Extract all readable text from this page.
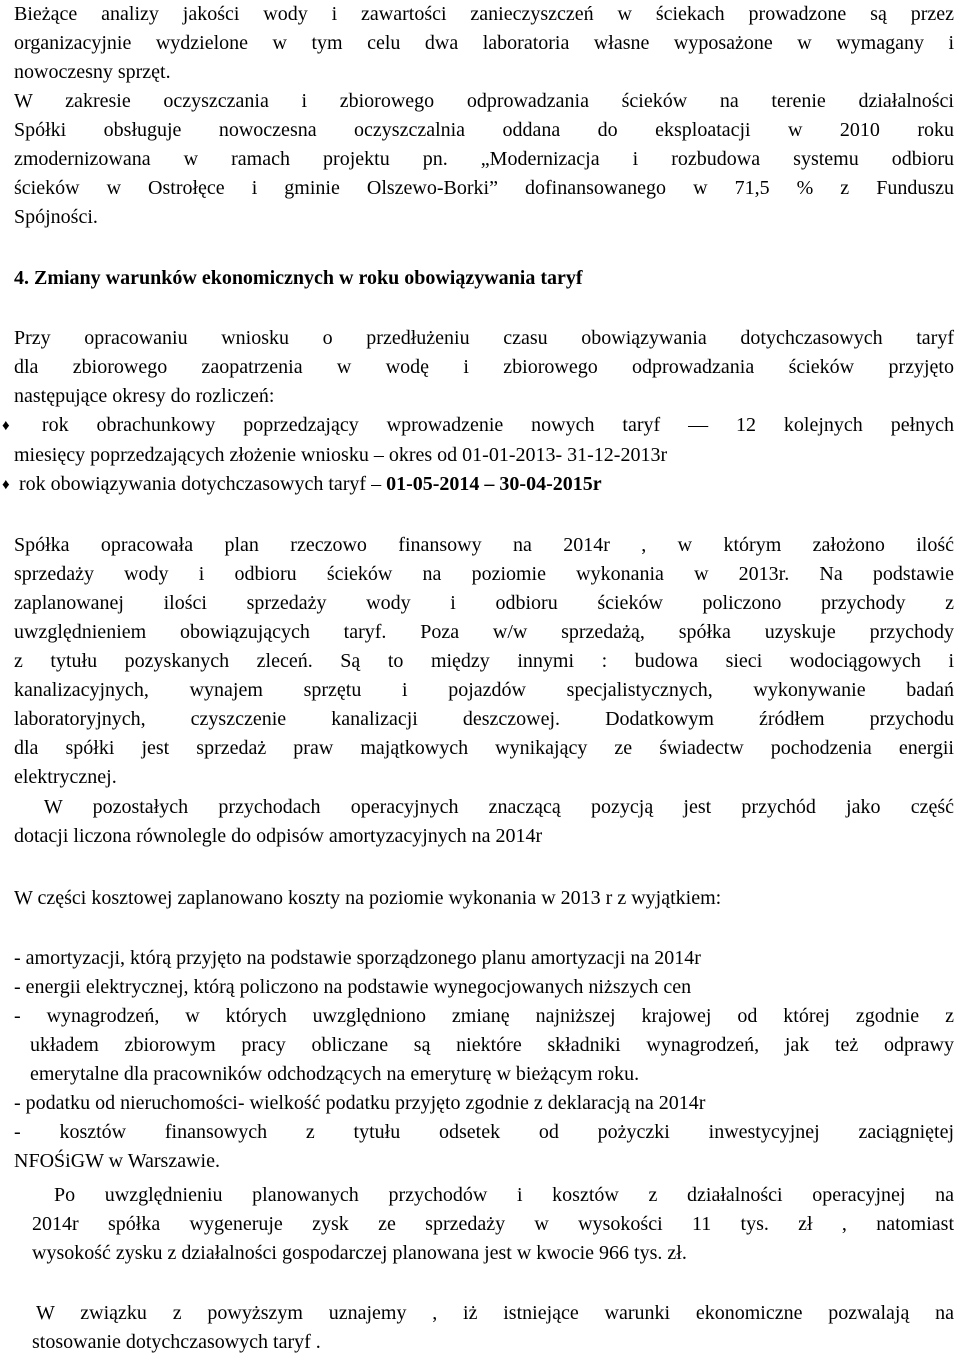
Bieżące analizy jakości wody i zawartości zanieczyszczeń w ściekach prowadzone są przez
organizacyjnie wydzielone w tym celu dwa laboratoria własne wyposażone w wymagany i
nowoczesny sprzęt.
W zakresie oczyszczania i zbiorowego odprowadzania ścieków na terenie działalności
Spółki obsługuje nowoczesna oczyszczalnia oddana do eksploatacji w 2010 roku
zmodernizowana w ramach projektu pn. „Modernizacja i rozbudowa systemu odbioru
ścieków w Ostrołęce i gminie Olszewo-Borki” dofinansowanego w 71,5 % z Funduszu
Spójności.
4. Zmiany warunków ekonomicznych w roku obowiązywania taryf
Przy opracowaniu wniosku o przedłużeniu czasu obowiązywania dotychczasowych taryf
dla zbiorowego zaopatrzenia w wodę i zbiorowego odprowadzania ścieków przyjęto
następujące okresy do rozliczeń:
♦ rok obrachunkowy poprzedzający wprowadzenie nowych taryf — 12 kolejnych pełnych
miesięcy poprzedzających złożenie wniosku – okres od 01-01-2013- 31-12-2013r
♦ rok obowiązywania dotychczasowych taryf – 01-05-2014 – 30-04-2015r
Spółka opracowała plan rzeczowo finansowy na 2014r , w którym założono ilość
sprzedaży wody i odbioru ścieków na poziomie wykonania w 2013r. Na podstawie
zaplanowanej ilości sprzedaży wody i odbioru ścieków policzono przychody z
uwzględnieniem obowiązujących taryf. Poza w/w sprzedażą, spółka uzyskuje przychody
z tytułu pozyskanych zleceń. Są to między innymi : budowa sieci wodociągowych i
kanalizacyjnych, wynajem sprzętu i pojazdów specjalistycznych, wykonywanie badań
laboratoryjnych, czyszczenie kanalizacji deszczowej. Dodatkowym źródłem przychodu
dla spółki jest sprzedaż praw majątkowych wynikający ze świadectw pochodzenia energii
elektrycznej.
W pozostałych przychodach operacyjnych znaczącą pozycją jest przychód jako część
dotacji liczona równolegle do odpisów amortyzacyjnych na 2014r
W części kosztowej zaplanowano koszty na poziomie wykonania w 2013 r z wyjątkiem:
- amortyzacji, którą przyjęto na podstawie sporządzonego planu amortyzacji na 2014r
- energii elektrycznej, którą policzono na podstawie wynegocjowanych niższych cen
- wynagrodzeń, w których uwzględniono zmianę najniższej krajowej od której zgodnie z
układem zbiorowym pracy obliczane są niektóre składniki wynagrodzeń, jak też odprawy
emerytalne dla pracowników odchodzących na emeryturę w bieżącym roku.
- podatku od nieruchomości- wielkość podatku przyjęto zgodnie z deklaracją na 2014r
- kosztów finansowych z tytułu odsetek od pożyczki inwestycyjnej zaciągniętej
NFOŚiGW w Warszawie.
Po uwzględnieniu planowanych przychodów i kosztów z działalności operacyjnej na
2014r spółka wygeneruje zysk ze sprzedaży w wysokości 11 tys. zł , natomiast
wysokość zysku z działalności gospodarczej planowana jest w kwocie 966 tys. zł.
W związku z powyższym uznajemy , iż istniejące warunki ekonomiczne pozwalają na
stosowanie dotychczasowych taryf .
